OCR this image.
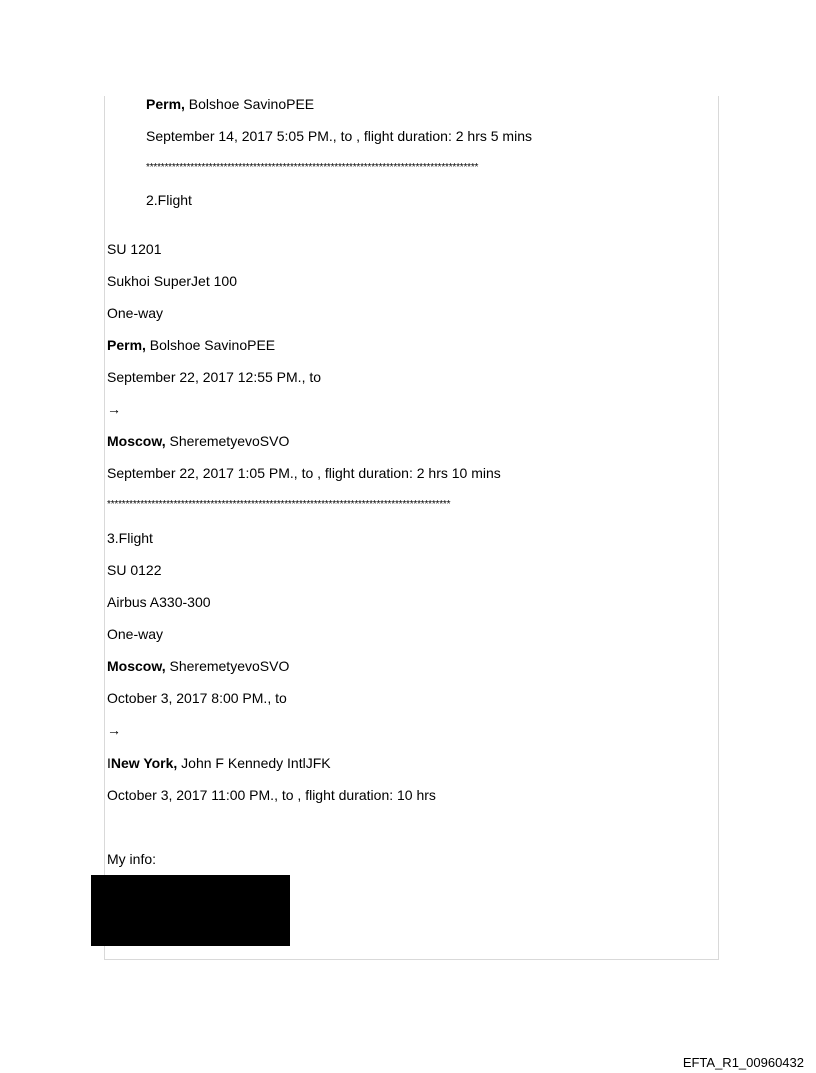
Perm, Bolshoe SavinoPEE
September 14, 2017 5:05 PM., to , flight duration: 2 hrs 5 mins
******************************************************************************************
2.Flight
SU 1201
Sukhoi SuperJet 100
One-way
Perm, Bolshoe SavinoPEE
September 22, 2017 12:55 PM., to
→
Moscow, SheremetyevoSVO
September 22, 2017 1:05 PM., to , flight duration: 2 hrs 10 mins
*********************************************************************************************
3.Flight
SU 0122
Airbus A330-300
One-way
Moscow, SheremetyevoSVO
October 3, 2017 8:00 PM., to
→
INew York, John F Kennedy IntlJFK
October 3, 2017 11:00 PM., to , flight duration: 10 hrs
My info:
EFTA_R1_00960432
